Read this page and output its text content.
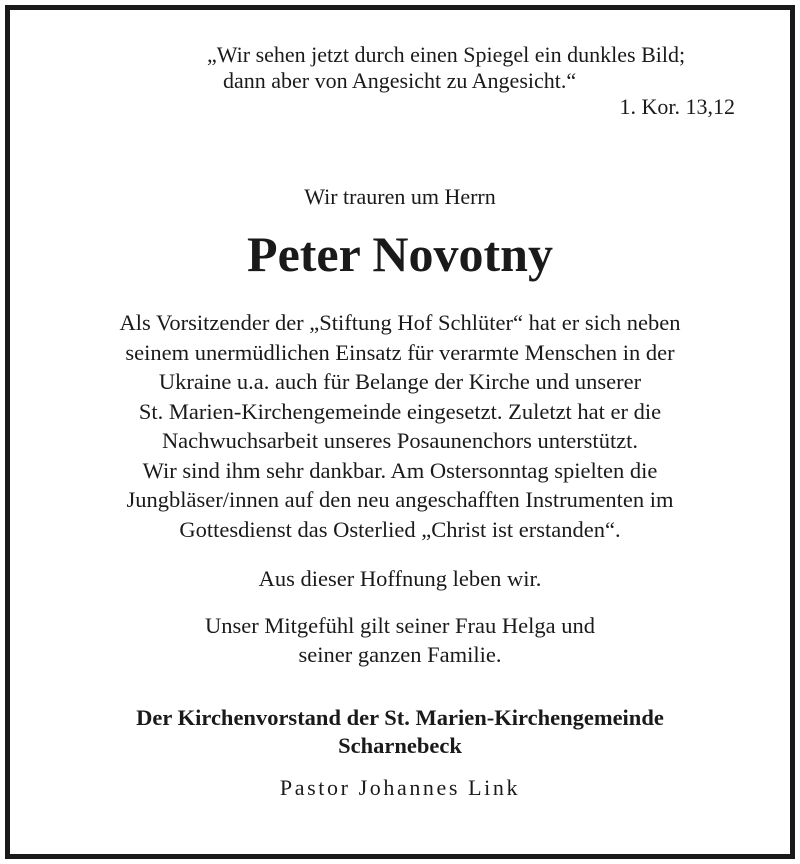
„Wir sehen jetzt durch einen Spiegel ein dunkles Bild;
dann aber von Angesicht zu Angesicht.“
1. Kor. 13,12
Wir trauren um Herrn
Peter Novotny
Als Vorsitzender der „Stiftung Hof Schlüter“ hat er sich neben
seinem unermüdlichen Einsatz für verarmte Menschen in der
Ukraine u.a. auch für Belange der Kirche und unserer
St. Marien-Kirchengemeinde eingesetzt. Zuletzt hat er die
Nachwuchsarbeit unseres Posaunenchors unterstützt.
Wir sind ihm sehr dankbar. Am Ostersonntag spielten die
Jungbläser/innen auf den neu angeschafften Instrumenten im
Gottesdienst das Osterlied „Christ ist erstanden“.
Aus dieser Hoffnung leben wir.
Unser Mitgefühl gilt seiner Frau Helga und
seiner ganzen Familie.
Der Kirchenvorstand der St. Marien-Kirchengemeinde
Scharnebeck
Pastor Johannes Link
